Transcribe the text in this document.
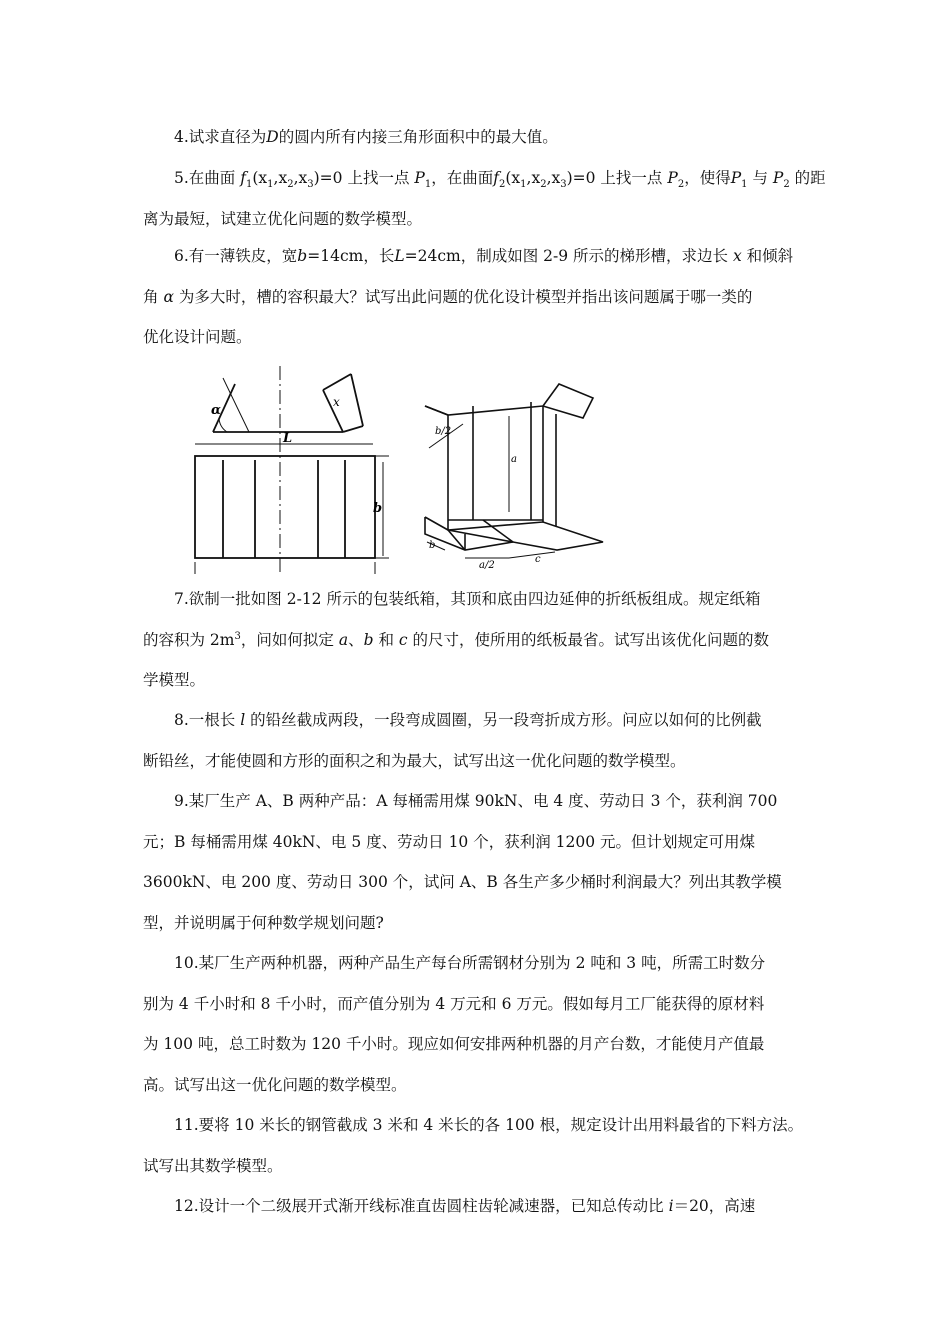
4.试求直径为D的圆内所有内接三角形面积中的最大值。

5.在曲面 $f_1(x_1,x_2,x_3)=0$ 上找一点 $P_1$，在曲面$f_2(x_1,x_2,x_3)=0$ 上找一点 $P_2$，使得$P_1$ 与 $P_2$ 的距
离为最短，试建立优化问题的数学模型。

6.有一薄铁皮，宽b=14cm，长L=24cm，制成如图 2-9 所示的梯形槽，求边长 x 和倾斜
角 α 为多大时，槽的容积最大？试写出此问题的优化设计模型并指出该问题属于哪一类的
优化设计问题。

α
x
L
b
b/2
a
b
a/2
c

7.欲制一批如图 2-12 所示的包装纸箱，其顶和底由四边延伸的折纸板组成。规定纸箱
的容积为 $2m^3$，问如何拟定 a、b 和 c 的尺寸，使所用的纸板最省。试写出该优化问题的数
学模型。

8.一根长 l 的铅丝截成两段，一段弯成圆圈，另一段弯折成方形。问应以如何的比例截
断铅丝，才能使圆和方形的面积之和为最大，试写出这一优化问题的数学模型。

9.某厂生产 A、B 两种产品：A 每桶需用煤 90kN、电 4 度、劳动日 3 个，获利润 700
元；B 每桶需用煤 40kN、电 5 度、劳动日 10 个，获利润 1200 元。但计划规定可用煤
3600kN、电 200 度、劳动日 300 个，试问 A、B 各生产多少桶时利润最大？列出其教学模
型，并说明属于何种数学规划问题?

10.某厂生产两种机器，两种产品生产每台所需钢材分别为 2 吨和 3 吨，所需工时数分
别为 4 千小时和 8 千小时，而产值分别为 4 万元和 6 万元。假如每月工厂能获得的原材料
为 100 吨，总工时数为 120 千小时。现应如何安排两种机器的月产台数，才能使月产值最
高。试写出这一优化问题的数学模型。

11.要将 10 米长的钢管截成 3 米和 4 米长的各 100 根，规定设计出用料最省的下料方法。
试写出其数学模型。

12.设计一个二级展开式渐开线标准直齿圆柱齿轮减速器，已知总传动比 i＝20，高速
